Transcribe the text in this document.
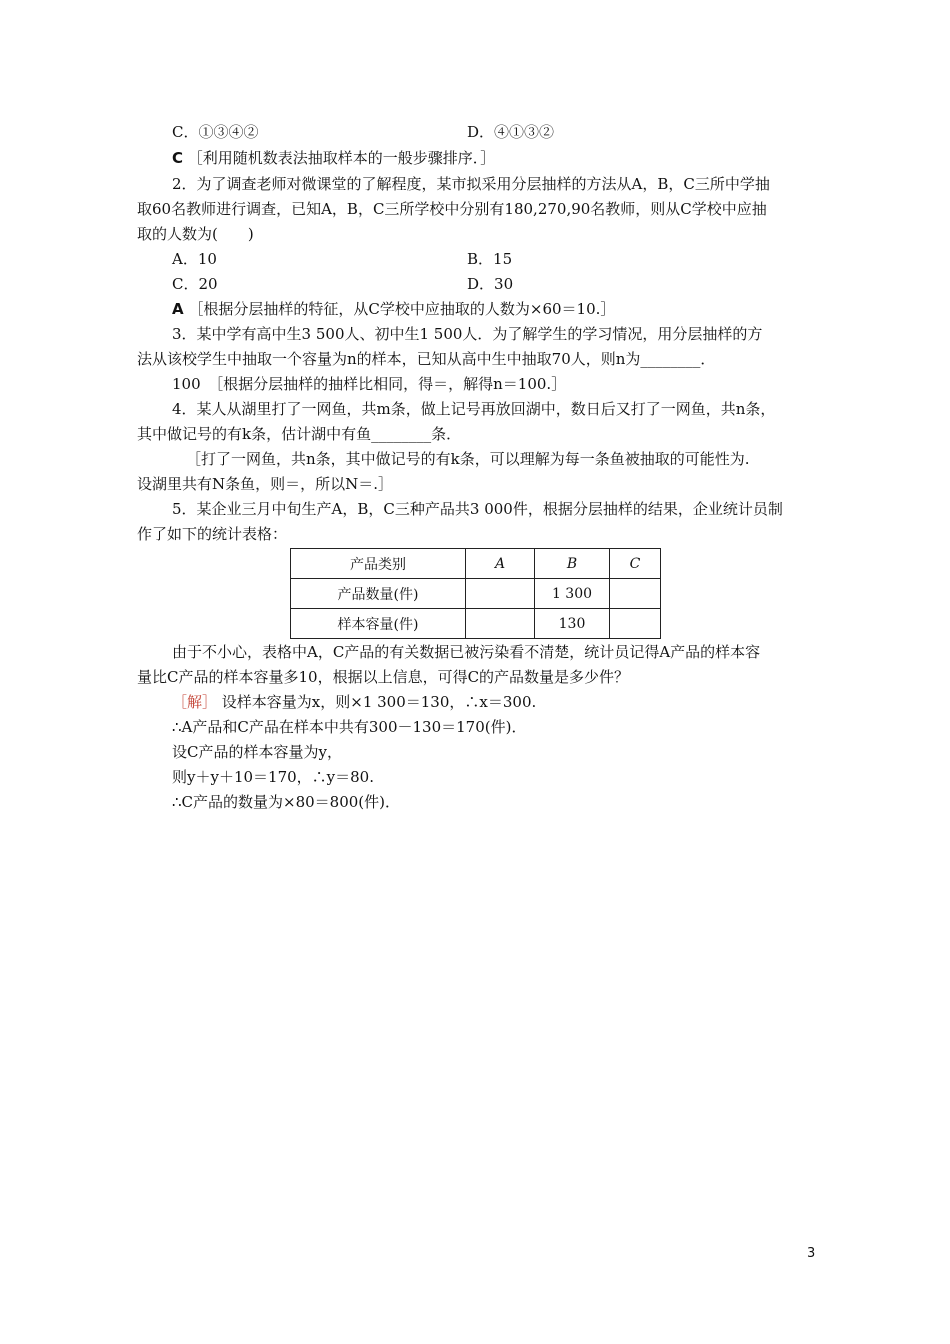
C．①③④②	D．④①③②
C ［利用随机数表法抽取样本的一般步骤排序．］
2．为了调查老师对微课堂的了解程度，某市拟采用分层抽样的方法从A，B，C三所中学抽
取60名教师进行调查，已知A，B，C三所学校中分别有180,270,90名教师，则从C学校中应抽
取的人数为(　　)
A．10	B．15
C．20	D．30
A ［根据分层抽样的特征，从C学校中应抽取的人数为×60＝10.］
3．某中学有高中生3 500人、初中生1 500人．为了解学生的学习情况，用分层抽样的方
法从该校学生中抽取一个容量为n的样本，已知从高中生中抽取70人，则n为________．
100　［根据分层抽样的抽样比相同，得＝，解得n＝100.］
4．某人从湖里打了一网鱼，共m条，做上记号再放回湖中，数日后又打了一网鱼，共n条，
其中做记号的有k条，估计湖中有鱼________条．
［打了一网鱼，共n条，其中做记号的有k条，可以理解为每一条鱼被抽取的可能性为.
设湖里共有N条鱼，则＝，所以N＝.］
5．某企业三月中旬生产A，B，C三种产品共3 000件，根据分层抽样的结果，企业统计员制
作了如下的统计表格：
产品类别	A	B	C
产品数量(件)		1 300	
样本容量(件)		130	
由于不小心，表格中A，C产品的有关数据已被污染看不清楚，统计员记得A产品的样本容
量比C产品的样本容量多10，根据以上信息，可得C的产品数量是多少件？
［解］ 设样本容量为x，则×1 300＝130，∴x＝300.
∴A产品和C产品在样本中共有300－130＝170(件)．
设C产品的样本容量为y，
则y＋y＋10＝170，∴y＝80.
∴C产品的数量为×80＝800(件)．
3
